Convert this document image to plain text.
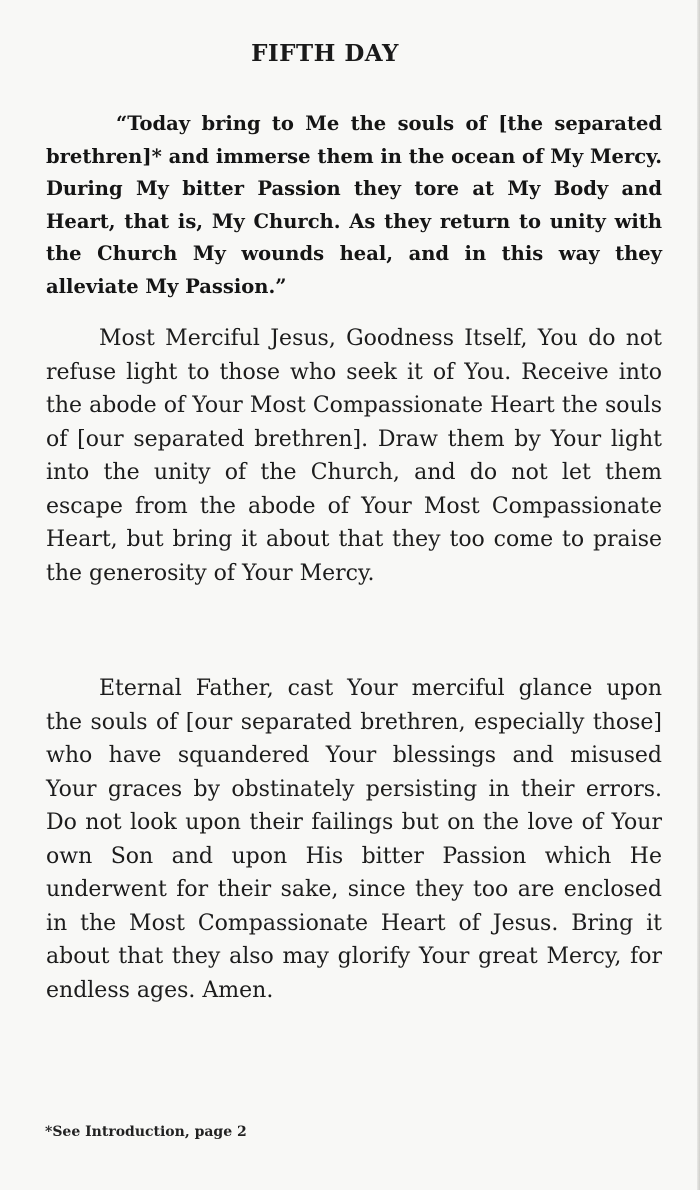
FIFTH DAY

“Today bring to Me the souls of [the separated brethren]* and immerse them in the ocean of My Mercy. During My bitter Passion they tore at My Body and Heart, that is, My Church. As they return to unity with the Church My wounds heal, and in this way they alleviate My Passion.”

Most Merciful Jesus, Goodness Itself, You do not refuse light to those who seek it of You. Receive into the abode of Your Most Compassionate Heart the souls of [our separated brethren]. Draw them by Your light into the unity of the Church, and do not let them escape from the abode of Your Most Compassionate Heart, but bring it about that they too come to praise the generosity of Your Mercy.

Eternal Father, cast Your merciful glance upon the souls of [our separated brethren, especially those] who have squandered Your blessings and misused Your graces by obstinately persisting in their errors. Do not look upon their failings but on the love of Your own Son and upon His bitter Passion which He underwent for their sake, since they too are enclosed in the Most Compassionate Heart of Jesus. Bring it about that they also may glorify Your great Mercy, for endless ages. Amen.

*See Introduction, page 2
